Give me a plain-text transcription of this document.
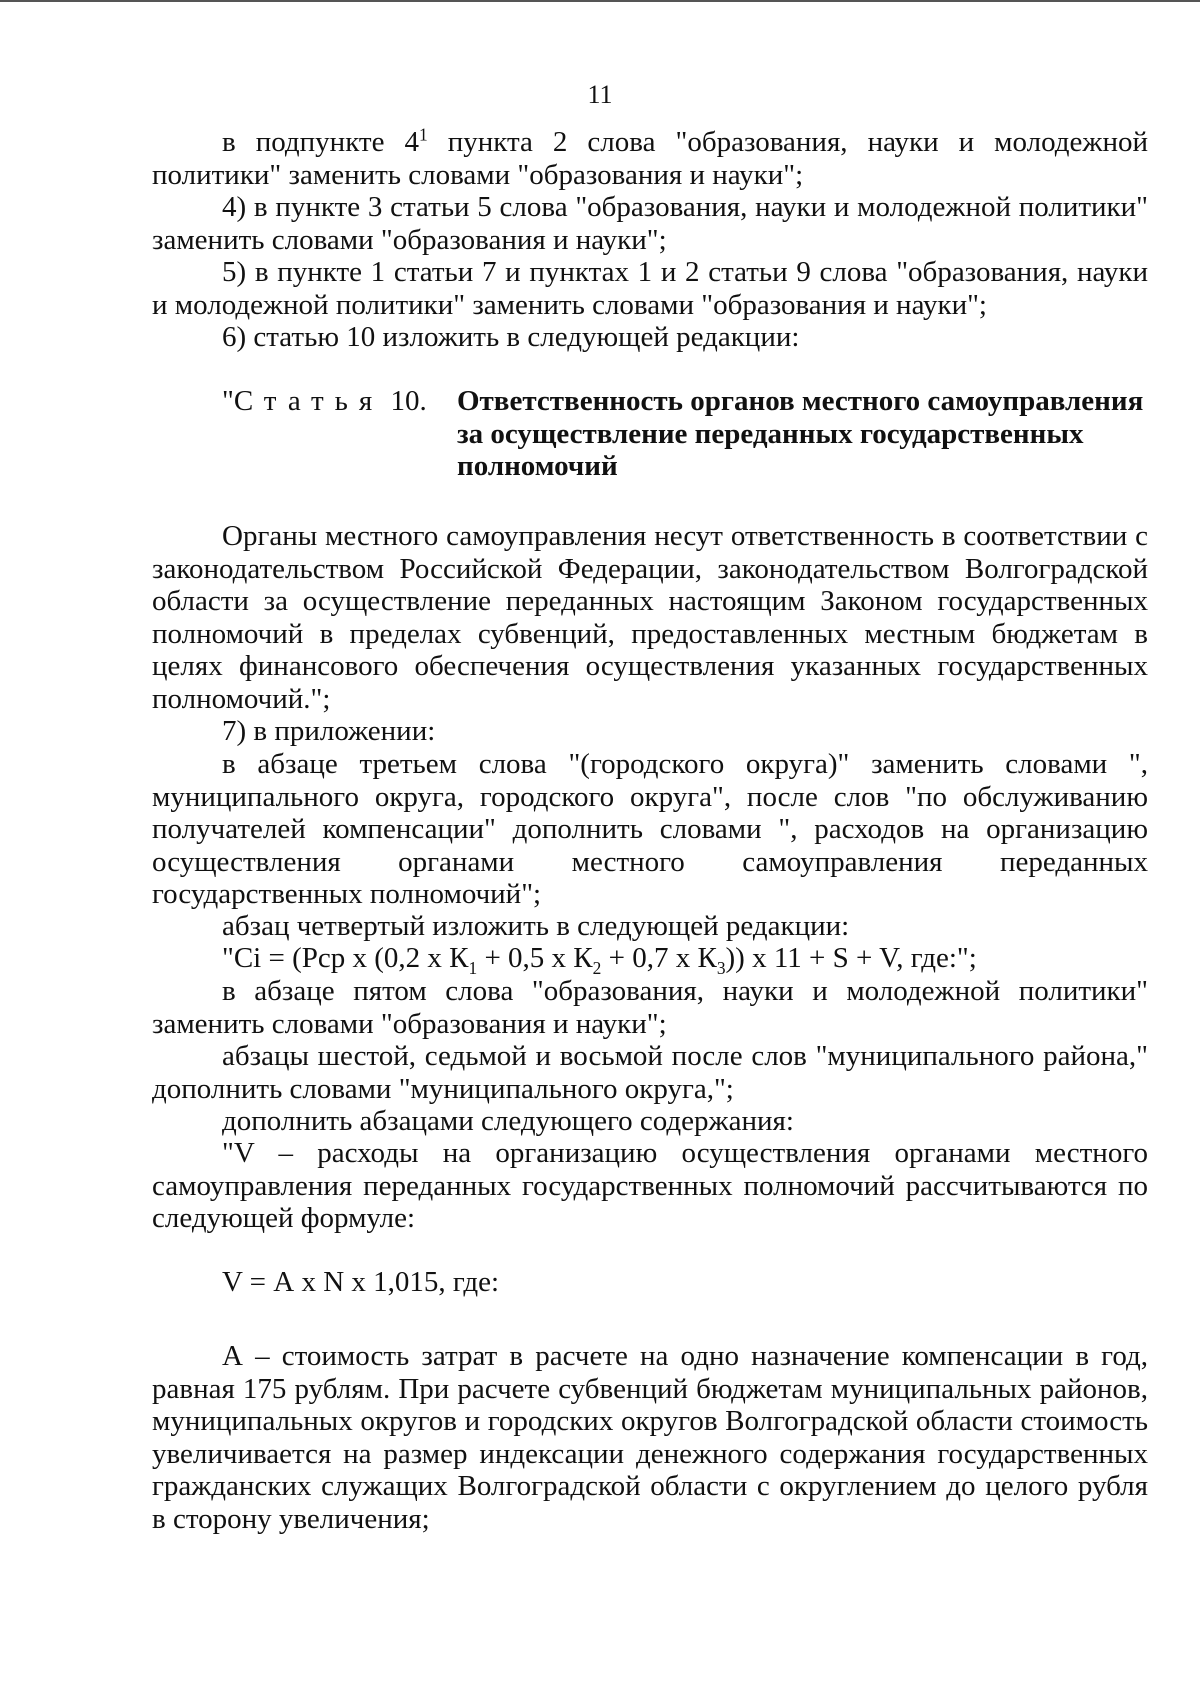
11

в подпункте $4^1$ пункта 2 слова "образования, науки и молодежной политики" заменить словами "образования и науки";

4) в пункте 3 статьи 5 слова "образования, науки и молодежной политики" заменить словами "образования и науки";

5) в пункте 1 статьи 7 и пунктах 1 и 2 статьи 9 слова "образования, науки и молодежной политики" заменить словами "образования и науки";

6) статью 10 изложить в следующей редакции:

"Статья 10. Ответственность органов местного самоуправления за осуществление переданных государственных полномочий

Органы местного самоуправления несут ответственность в соответствии с законодательством Российской Федерации, законодательством Волгоградской области за осуществление переданных настоящим Законом государственных полномочий в пределах субвенций, предоставленных местным бюджетам в целях финансового обеспечения осуществления указанных государственных полномочий.";

7) в приложении:

в абзаце третьем слова "(городского округа)" заменить словами ", муниципального округа, городского округа", после слов "по обслуживанию получателей компенсации" дополнить словами ", расходов на организацию осуществления органами местного самоуправления переданных государственных полномочий";

абзац четвертый изложить в следующей редакции:

"Ci = (Рср х (0,2 х $К_1 + 0,5$ х $К_2 + 0,7$ х $К_3$)) х 11 + S + V, где:";

в абзаце пятом слова "образования, науки и молодежной политики" заменить словами "образования и науки";

абзацы шестой, седьмой и восьмой после слов "муниципального района," дополнить словами "муниципального округа,";

дополнить абзацами следующего содержания:

"V – расходы на организацию осуществления органами местного самоуправления переданных государственных полномочий рассчитываются по следующей формуле:

V = А х N х 1,015, где:

А – стоимость затрат в расчете на одно назначение компенсации в год, равная 175 рублям. При расчете субвенций бюджетам муниципальных районов, муниципальных округов и городских округов Волгоградской области стоимость увеличивается на размер индексации денежного содержания государственных гражданских служащих Волгоградской области с округлением до целого рубля в сторону увеличения;
